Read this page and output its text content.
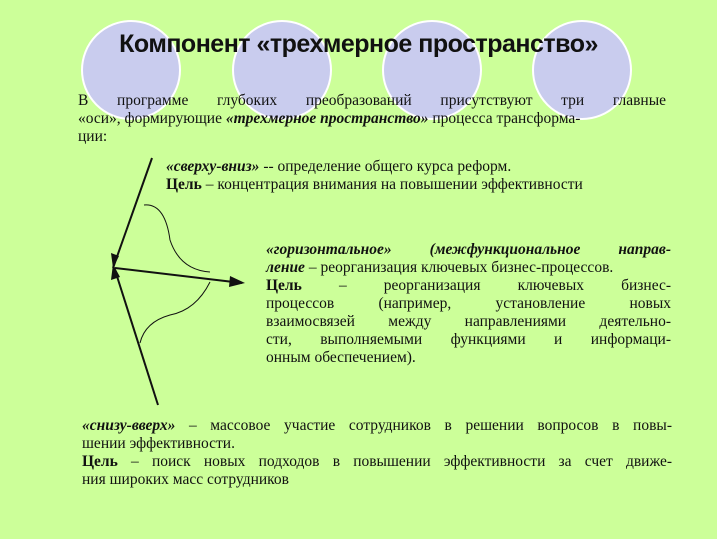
Компонент «трехмерное пространство»
В программе глубоких преобразований присутствуют три главные
«оси», формирующие «трехмерное пространство» процесса трансформа-
ции:
«сверху-вниз» -- определение общего курса реформ.
Цель – концентрация внимания на повышении эффективности
«горизонтальное» (межфункциональное направ-
ление – реорганизация ключевых бизнес-процессов.
Цель – реорганизация ключевых бизнес-
процессов (например, установление новых
взаимосвязей между направлениями деятельно-
сти, выполняемыми функциями и информаци-
онным обеспечением).
«снизу-вверх» – массовое участие сотрудников в решении вопросов в повы-
шении эффективности.
Цель – поиск новых подходов в повышении эффективности за счет движе-
ния широких масс сотрудников
